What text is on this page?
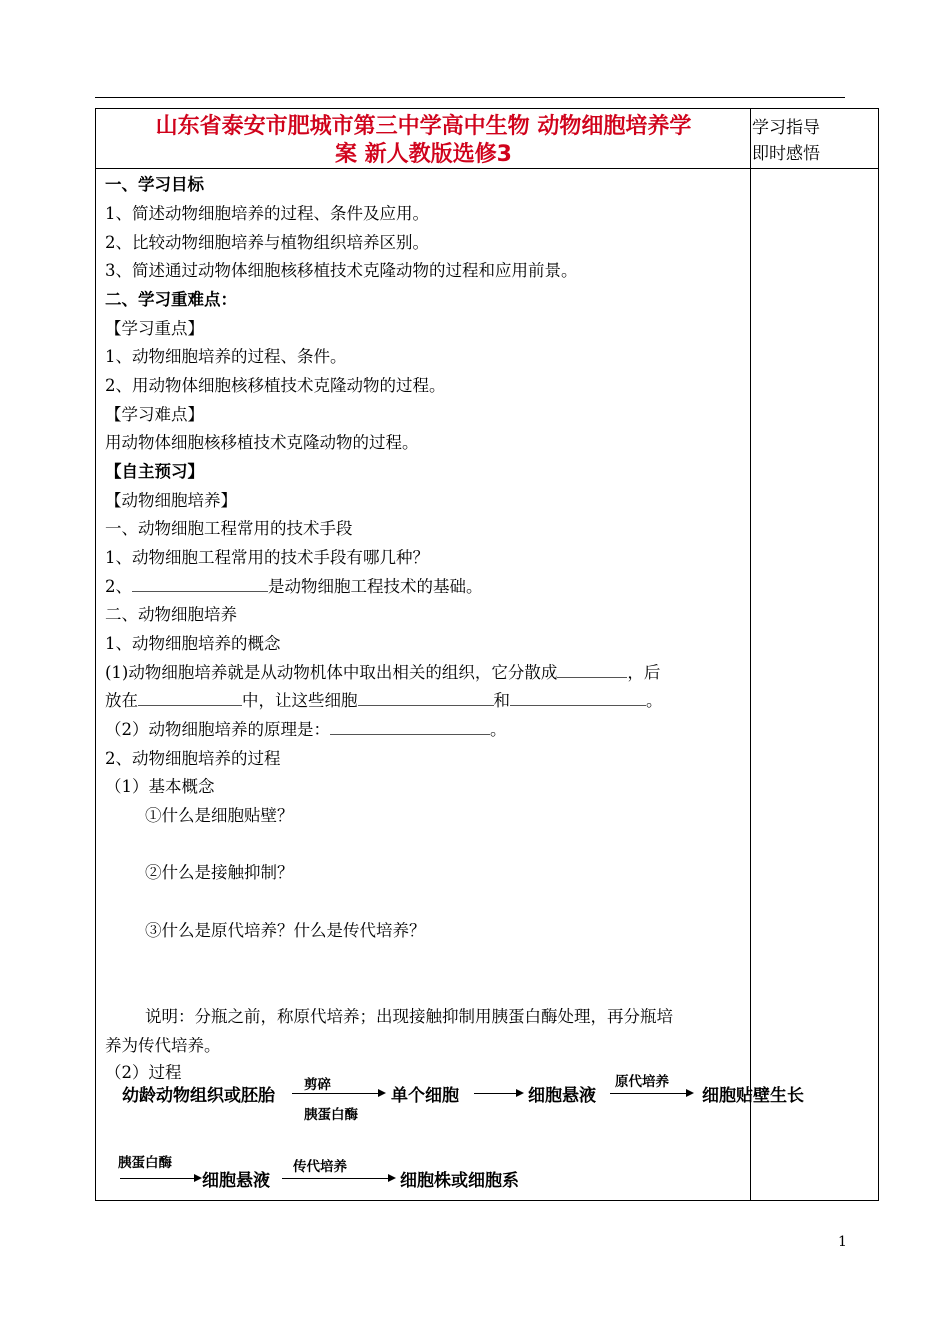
山东省泰安市肥城市第三中学高中生物 动物细胞培养学
案 新人教版选修3
学习指导
即时感悟
一、学习目标
1、简述动物细胞培养的过程、条件及应用。
2、比较动物细胞培养与植物组织培养区别。
3、简述通过动物体细胞核移植技术克隆动物的过程和应用前景。
二、学习重难点：
【学习重点】
1、动物细胞培养的过程、条件。
2、用动物体细胞核移植技术克隆动物的过程。
【学习难点】
用动物体细胞核移植技术克隆动物的过程。
【自主预习】
【动物细胞培养】
一、动物细胞工程常用的技术手段
1、动物细胞工程常用的技术手段有哪几种？
2、	是动物细胞工程技术的基础。
二、动物细胞培养
1、动物细胞培养的概念
(1)动物细胞培养就是从动物机体中取出相关的组织，它分散成	，后
放在	中，让这些细胞	和	。
（2）动物细胞培养的原理是：	。
2、动物细胞培养的过程
（1）基本概念
①什么是细胞贴壁？
②什么是接触抑制？
③什么是原代培养？什么是传代培养？
说明：分瓶之前，称原代培养；出现接触抑制用胰蛋白酶处理，再分瓶培
养为传代培养。
（2）过程
幼龄动物组织或胚胎
剪碎
胰蛋白酶
单个细胞	细胞悬液
原代培养
细胞贴壁生长
胰蛋白酶
细胞悬液
传代培养
细胞株或细胞系
1
